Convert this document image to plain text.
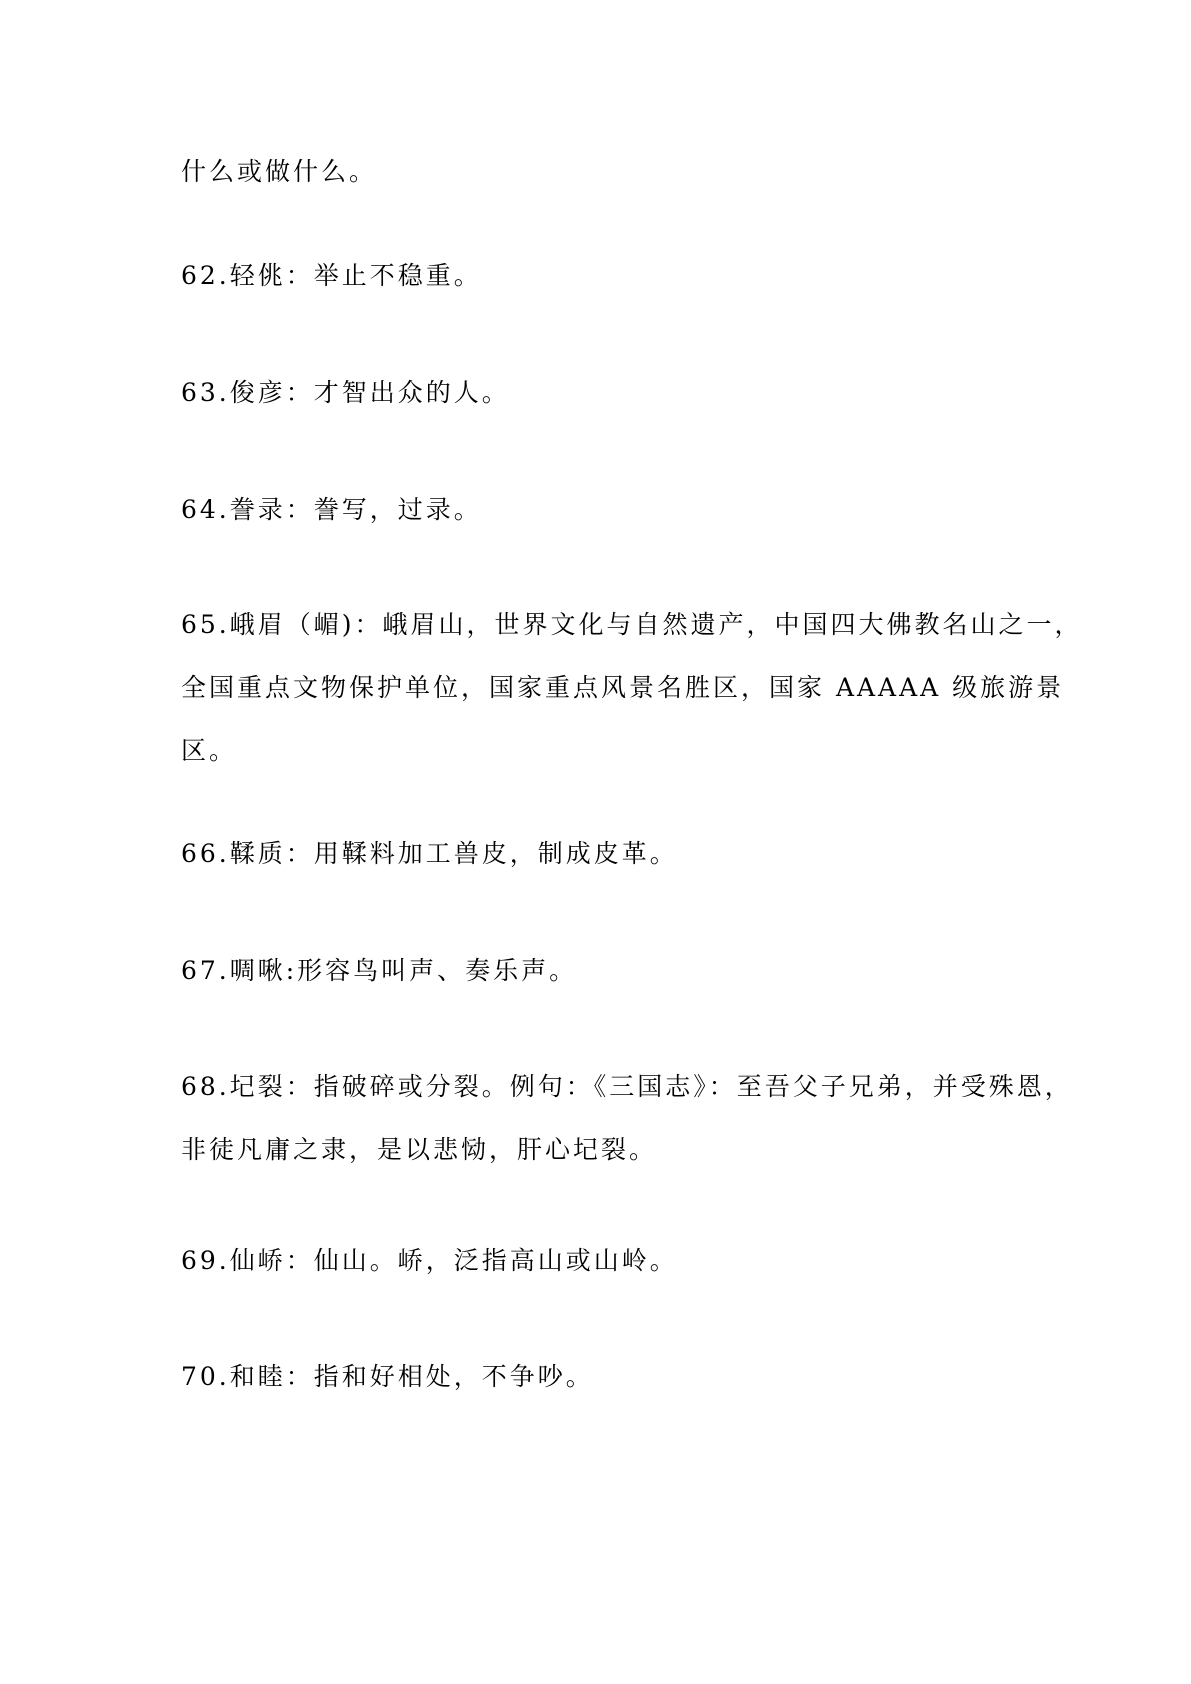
什么或做什么。
62.轻佻：举止不稳重。
63.俊彦：才智出众的人。
64.誊录：誊写，过录。
65.峨眉（嵋)：峨眉山，世界文化与自然遗产，中国四大佛教名山之一，
全国重点文物保护单位，国家重点风景名胜区，国家 AAAAA 级旅游景
区。
66.鞣质：用鞣料加工兽皮，制成皮革。
67.啁啾:形容鸟叫声、奏乐声。
68.圮裂：指破碎或分裂。例句：《三国志》：至吾父子兄弟，并受殊恩，
非徒凡庸之隶，是以悲恸，肝心圮裂。
69.仙峤：仙山。峤，泛指高山或山岭。
70.和睦：指和好相处，不争吵。
